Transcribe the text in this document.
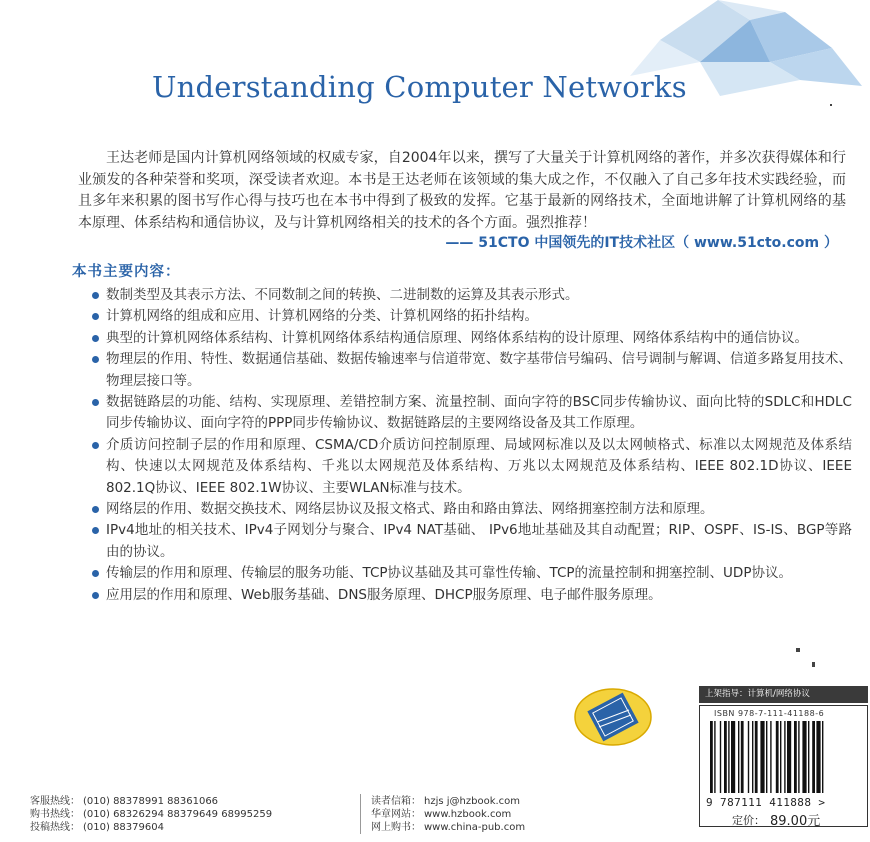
Understanding Computer Networks

王达老师是国内计算机网络领域的权威专家，自2004年以来，撰写了大量关于计算机网络的著作，并多次获得媒体和行业颁发的各种荣誉和奖项，深受读者欢迎。本书是王达老师在该领域的集大成之作，不仅融入了自己多年技术实践经验，而且多年来积累的图书写作心得与技巧也在本书中得到了极致的发挥。它基于最新的网络技术，全面地讲解了计算机网络的基本原理、体系结构和通信协议，及与计算机网络相关的技术的各个方面。强烈推荐！

—— 51CTO 中国领先的IT技术社区（ www.51cto.com ）
本书主要内容：
数制类型及其表示方法、不同数制之间的转换、二进制数的运算及其表示形式。
计算机网络的组成和应用、计算机网络的分类、计算机网络的拓扑结构。
典型的计算机网络体系结构、计算机网络体系结构通信原理、网络体系结构的设计原理、网络体系结构中的通信协议。
物理层的作用、特性、数据通信基础、数据传输速率与信道带宽、数字基带信号编码、信号调制与解调、信道多路复用技术、物理层接口等。
数据链路层的功能、结构、实现原理、差错控制方案、流量控制、面向字符的BSC同步传输协议、面向比特的SDLC和HDLC同步传输协议、面向字符的PPP同步传输协议、数据链路层的主要网络设备及其工作原理。
介质访问控制子层的作用和原理、CSMA/CD介质访问控制原理、局域网标准以及以太网帧格式、标准以太网规范及体系结构、快速以太网规范及体系结构、千兆以太网规范及体系结构、万兆以太网规范及体系结构、IEEE 802.1D协议、IEEE 802.1Q协议、IEEE 802.1W协议、主要WLAN标准与技术。
网络层的作用、数据交换技术、网络层协议及报文格式、路由和路由算法、网络拥塞控制方法和原理。
IPv4地址的相关技术、IPv4子网划分与聚合、IPv4 NAT基础、 IPv6地址基础及其自动配置；RIP、OSPF、IS-IS、BGP等路由的协议。
传输层的作用和原理、传输层的服务功能、TCP协议基础及其可靠性传输、TCP的流量控制和拥塞控制、UDP协议。
应用层的作用和原理、Web服务基础、DNS服务原理、DHCP服务原理、电子邮件服务原理。
上架指导：计算机/网络协议
ISBN 978-7-111-41188-6
9 787111 411888 >
定价： 89.00元
客服热线： (010) 88378991 88361066
购书热线： (010) 68326294 88379649 68995259
投稿热线： (010) 88379604
读者信箱： hzjs j@hzbook.com
华章网站： www.hzbook.com
网上购书： www.china-pub.com
